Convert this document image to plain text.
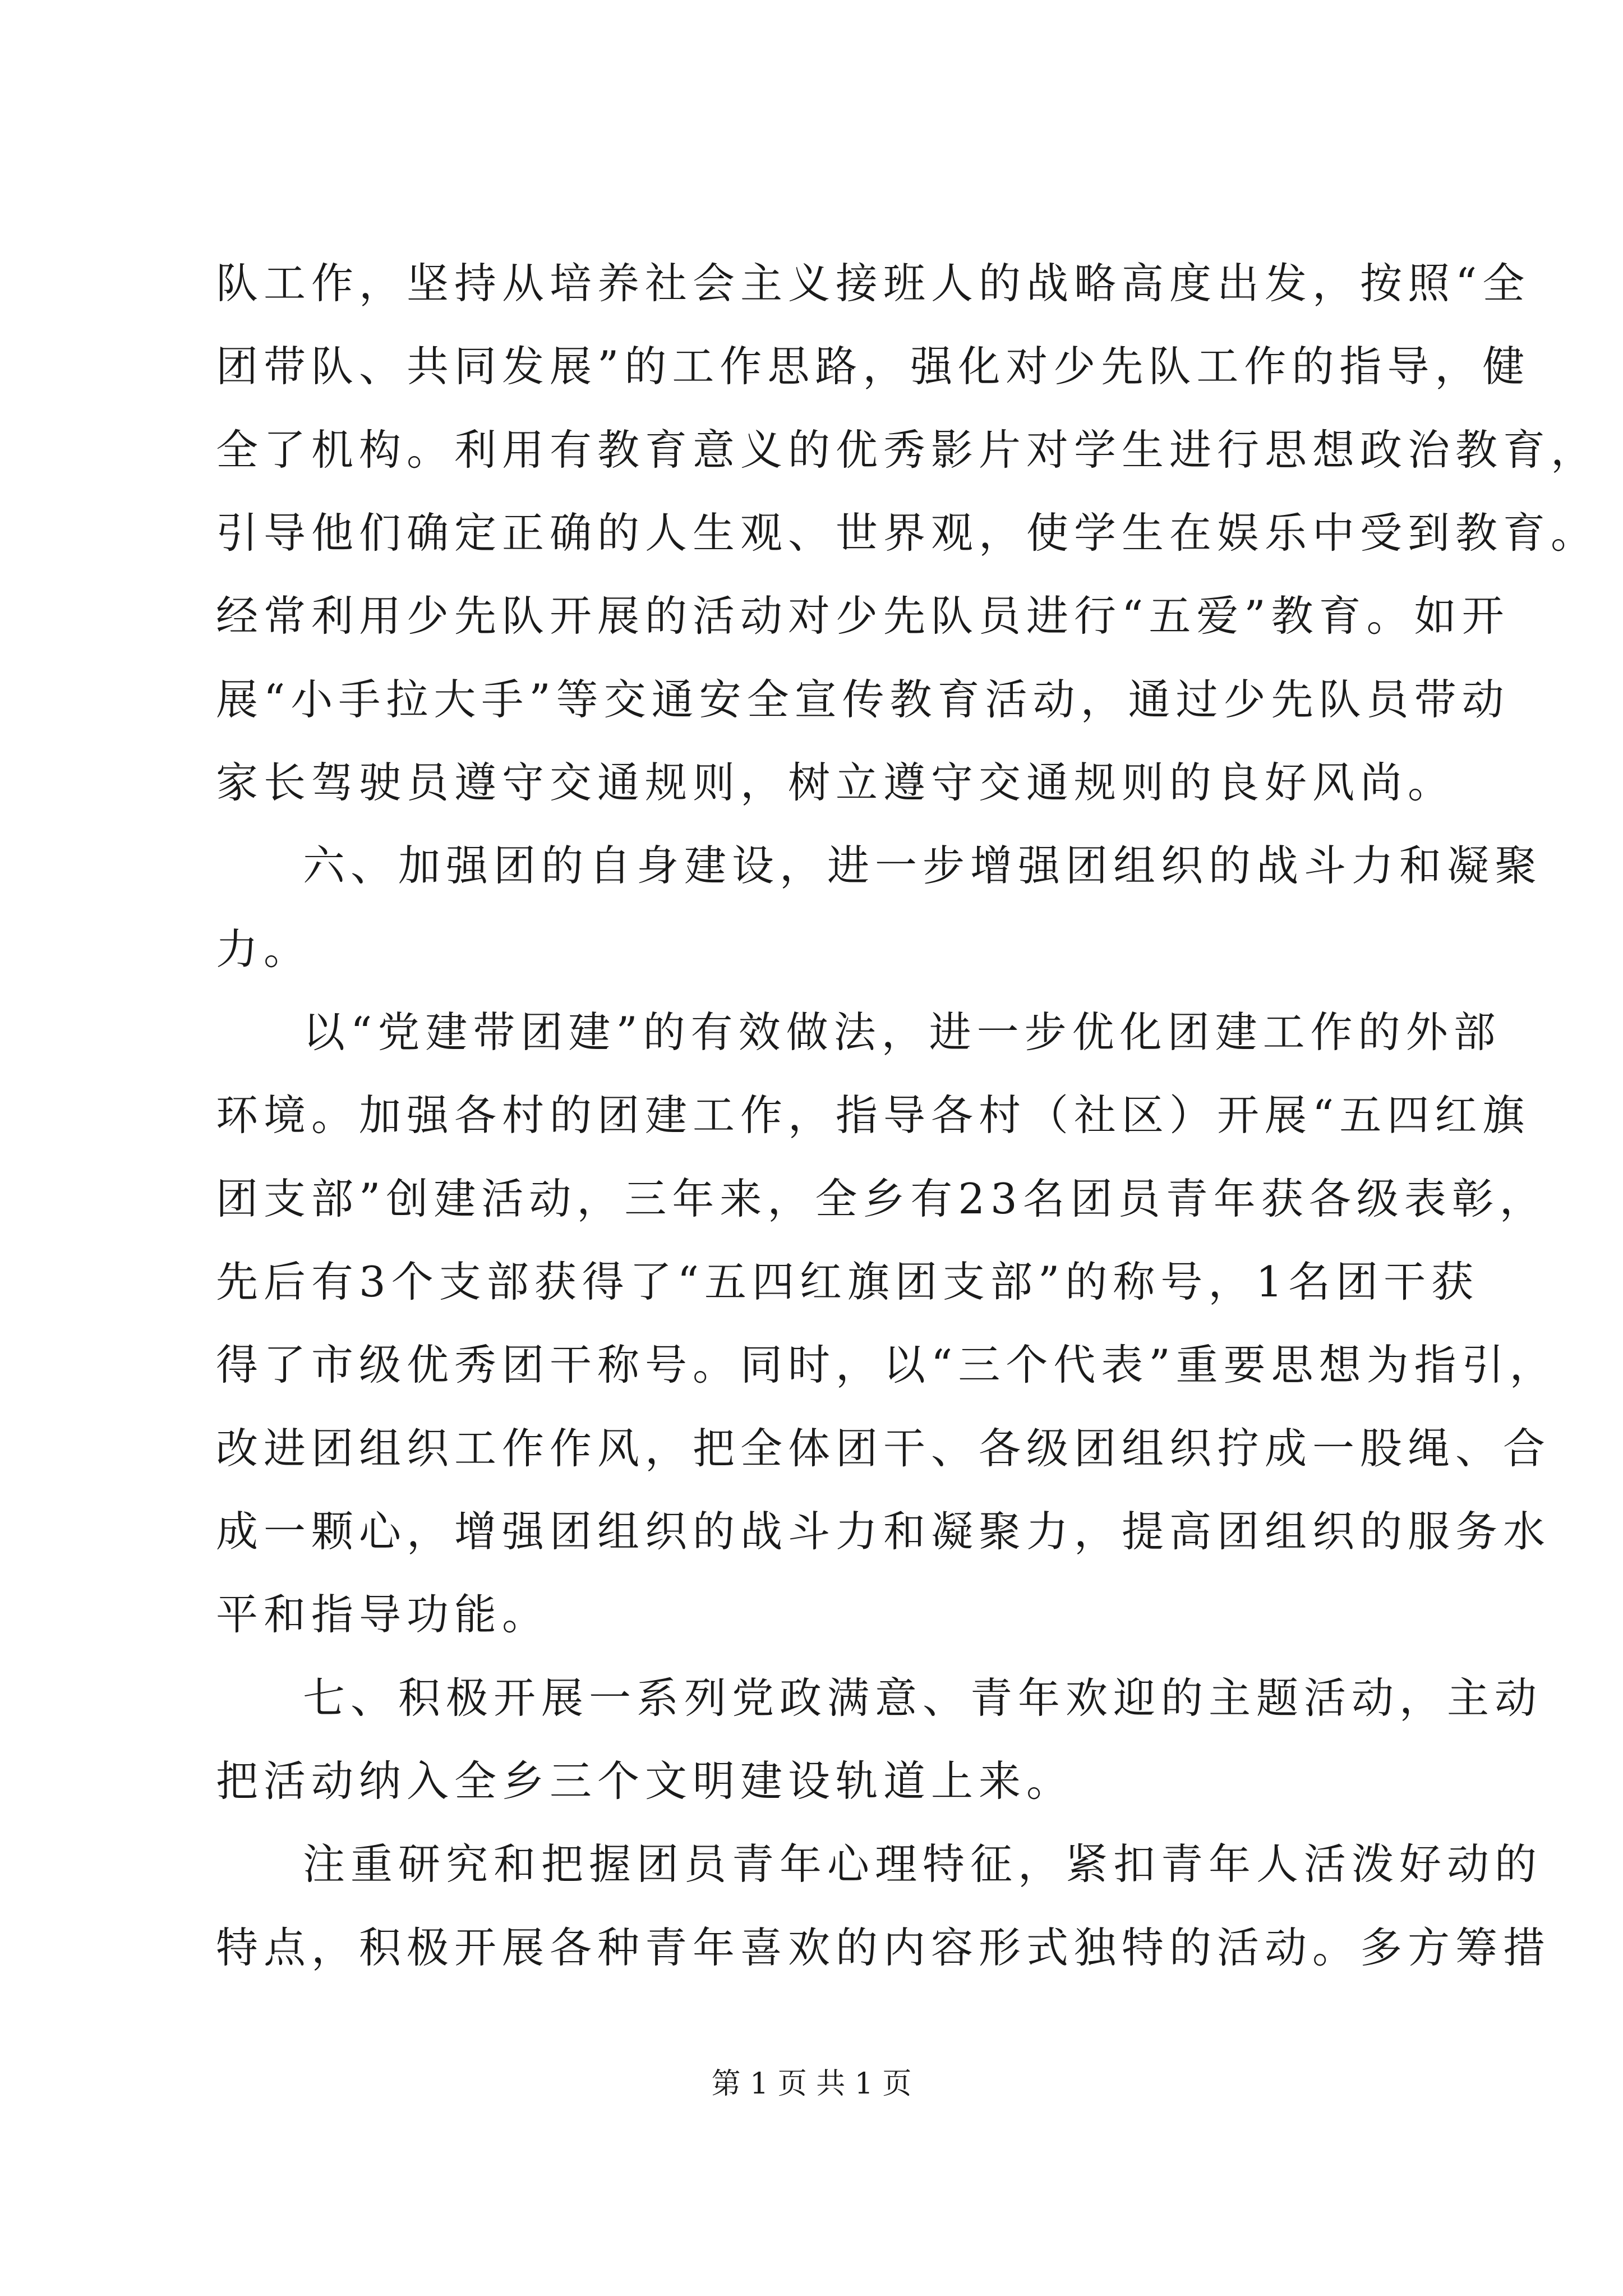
队工作，坚持从培养社会主义接班人的战略高度出发，按照“全
团带队、共同发展”的工作思路，强化对少先队工作的指导，健
全了机构。利用有教育意义的优秀影片对学生进行思想政治教育，
引导他们确定正确的人生观、世界观，使学生在娱乐中受到教育。
经常利用少先队开展的活动对少先队员进行“五爱”教育。如开
展“小手拉大手”等交通安全宣传教育活动，通过少先队员带动
家长驾驶员遵守交通规则，树立遵守交通规则的良好风尚。
六、加强团的自身建设，进一步增强团组织的战斗力和凝聚
力。
以“党建带团建”的有效做法，进一步优化团建工作的外部
环境。加强各村的团建工作，指导各村（社区）开展“五四红旗
团支部”创建活动，三年来，全乡有23名团员青年获各级表彰，
先后有3个支部获得了“五四红旗团支部”的称号，1名团干获
得了市级优秀团干称号。同时，以“三个代表”重要思想为指引，
改进团组织工作作风，把全体团干、各级团组织拧成一股绳、合
成一颗心，增强团组织的战斗力和凝聚力，提高团组织的服务水
平和指导功能。
七、积极开展一系列党政满意、青年欢迎的主题活动，主动
把活动纳入全乡三个文明建设轨道上来。
注重研究和把握团员青年心理特征，紧扣青年人活泼好动的
特点，积极开展各种青年喜欢的内容形式独特的活动。多方筹措
第 1 页 共 1 页
